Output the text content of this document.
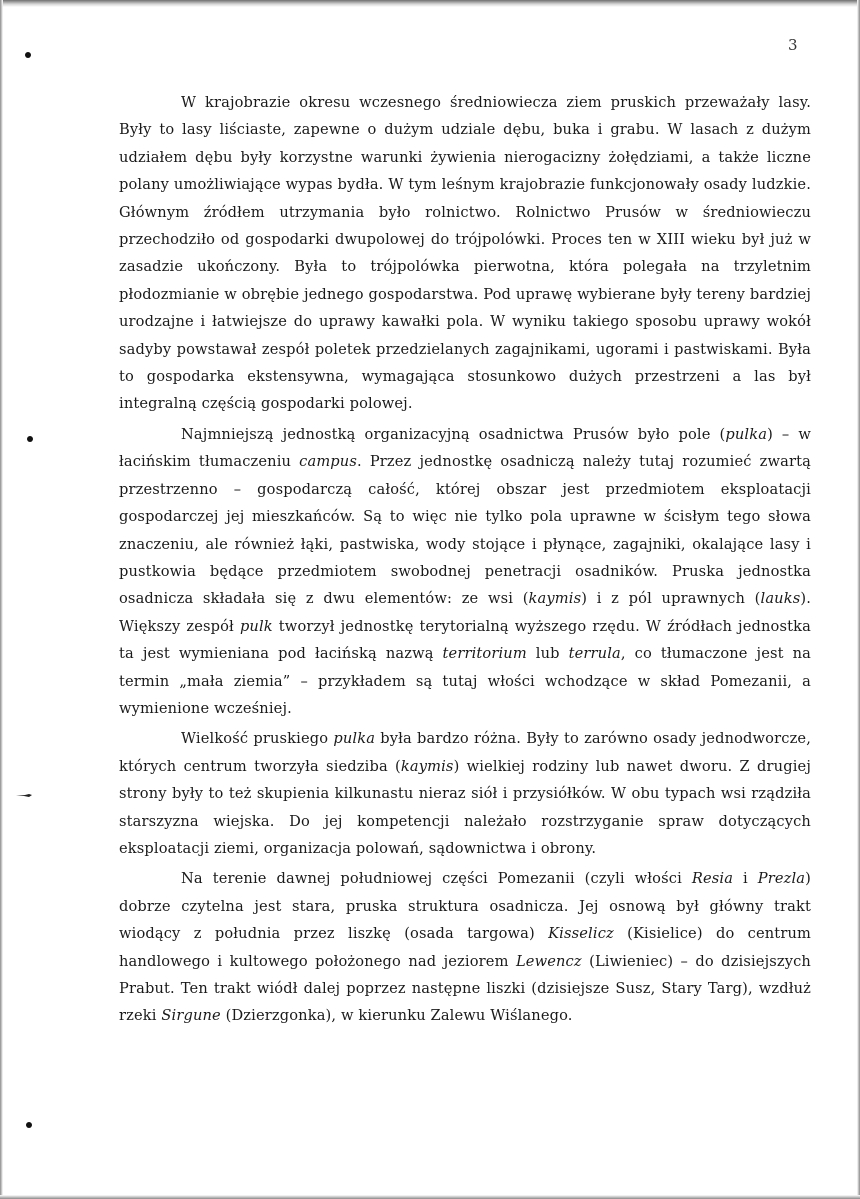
3

W krajobrazie okresu wczesnego średniowiecza ziem pruskich przeważały lasy. Były to lasy liściaste, zapewne o dużym udziale dębu, buka i grabu. W lasach z dużym udziałem dębu były korzystne warunki żywienia nierogacizny żołędziami, a także liczne polany umożliwiające wypas bydła. W tym leśnym krajobrazie funkcjonowały osady ludzkie. Głównym źródłem utrzymania było rolnictwo. Rolnictwo Prusów w średniowieczu przechodziło od gospodarki dwupolowej do trójpolówki. Proces ten w XIII wieku był już w zasadzie ukończony. Była to trójpolówka pierwotna, która polegała na trzyletnim płodozmianie w obrębie jednego gospodarstwa. Pod uprawę wybierane były tereny bardziej urodzajne i łatwiejsze do uprawy kawałki pola. W wyniku takiego sposobu uprawy wokół sadyby powstawał zespół poletek przedzielanych zagajnikami, ugorami i pastwiskami. Była to gospodarka ekstensywna, wymagająca stosunkowo dużych przestrzeni a las był integralną częścią gospodarki polowej.

Najmniejszą jednostką organizacyjną osadnictwa Prusów było pole (pulka) – w łacińskim tłumaczeniu campus. Przez jednostkę osadniczą należy tutaj rozumieć zwartą przestrzenno – gospodarczą całość, której obszar jest przedmiotem eksploatacji gospodarczej jej mieszkańców. Są to więc nie tylko pola uprawne w ścisłym tego słowa znaczeniu, ale również łąki, pastwiska, wody stojące i płynące, zagajniki, okalające lasy i pustkowia będące przedmiotem swobodnej penetracji osadników. Pruska jednostka osadnicza składała się z dwu elementów: ze wsi (kaymis) i z pól uprawnych (lauks). Większy zespół pulk tworzył jednostkę terytorialną wyższego rzędu. W źródłach jednostka ta jest wymieniana pod łacińską nazwą territorium lub terrula, co tłumaczone jest na termin „mała ziemia” – przykładem są tutaj włości wchodzące w skład Pomezanii, a wymienione wcześniej.

Wielkość pruskiego pulka była bardzo różna. Były to zarówno osady jednodworcze, których centrum tworzyła siedziba (kaymis) wielkiej rodziny lub nawet dworu. Z drugiej strony były to też skupienia kilkunastu nieraz siół i przysiółków. W obu typach wsi rządziła starszyzna wiejska. Do jej kompetencji należało rozstrzyganie spraw dotyczących eksploatacji ziemi, organizacja polowań, sądownictwa i obrony.

Na terenie dawnej południowej części Pomezanii (czyli włości Resia i Prezla) dobrze czytelna jest stara, pruska struktura osadnicza. Jej osnową był główny trakt wiodący z południa przez liszkę (osada targowa) Kisselicz (Kisielice) do centrum handlowego i kultowego położonego nad jeziorem Lewencz (Liwieniec) – do dzisiejszych Prabut. Ten trakt wiódł dalej poprzez następne liszki (dzisiejsze Susz, Stary Targ), wzdłuż rzeki Sirgune (Dzierzgonka), w kierunku Zalewu Wiślanego.
